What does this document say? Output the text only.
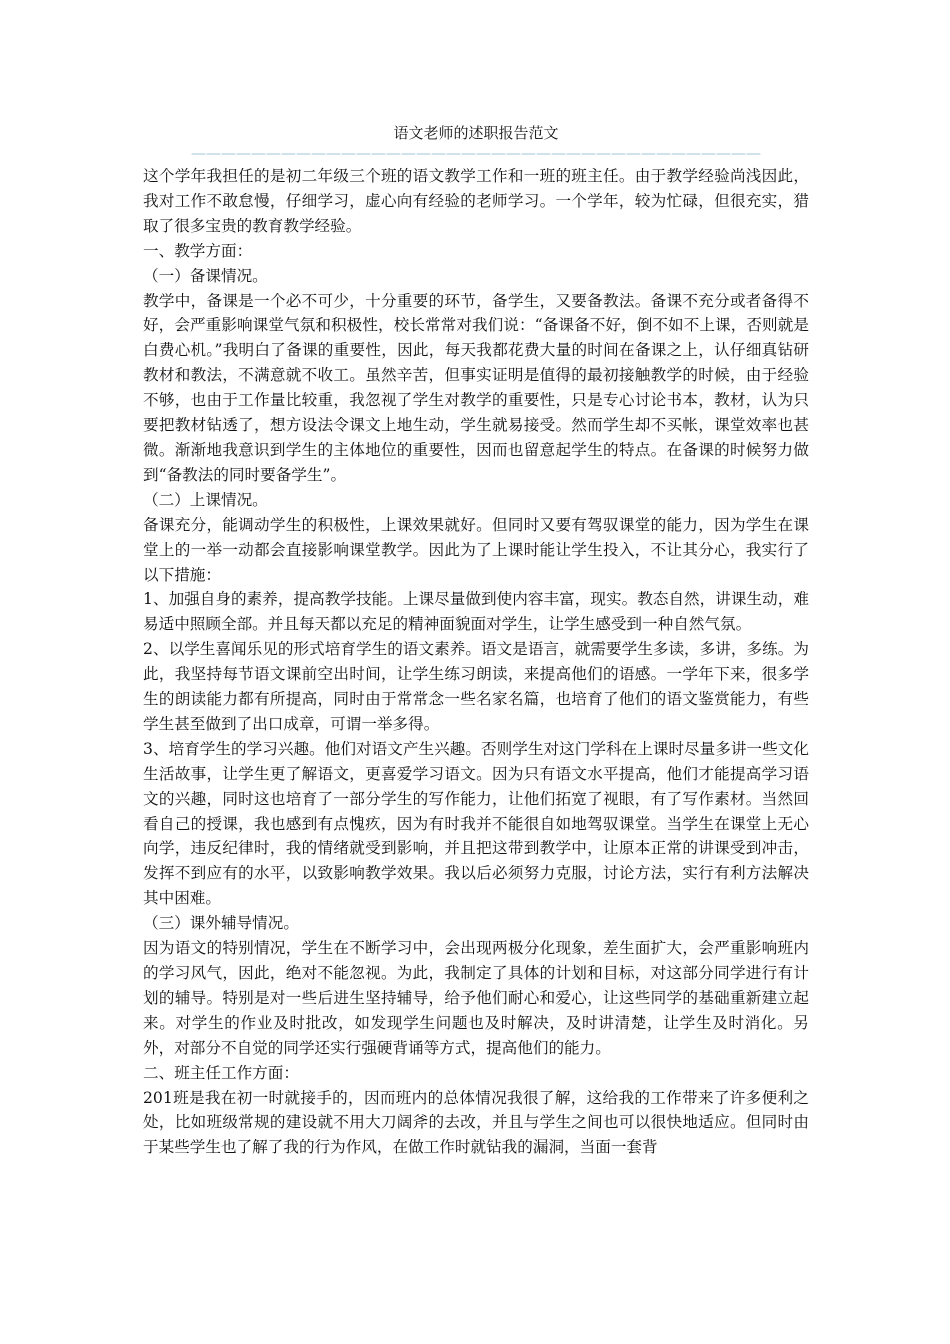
语文老师的述职报告范文
——————————————————————————————————————

这个学年我担任的是初二年级三个班的语文教学工作和一班的班主任。由于教学经验尚浅因此，我对工作不敢怠慢，仔细学习，虚心向有经验的老师学习。一个学年，较为忙碌，但很充实，猎取了很多宝贵的教育教学经验。

一、教学方面：

（一）备课情况。

教学中，备课是一个必不可少，十分重要的环节，备学生，又要备教法。备课不充分或者备得不好，会严重影响课堂气氛和积极性，校长常常对我们说：“备课备不好，倒不如不上课，否则就是白费心机。”我明白了备课的重要性，因此，每天我都花费大量的时间在备课之上，认仔细真钻研教材和教法，不满意就不收工。虽然辛苦，但事实证明是值得的最初接触教学的时候，由于经验不够，也由于工作量比较重，我忽视了学生对教学的重要性，只是专心讨论书本，教材，认为只要把教材钻透了，想方设法令课文上地生动，学生就易接受。然而学生却不买帐，课堂效率也甚微。渐渐地我意识到学生的主体地位的重要性，因而也留意起学生的特点。在备课的时候努力做到“备教法的同时要备学生”。

（二）上课情况。

备课充分，能调动学生的积极性，上课效果就好。但同时又要有驾驭课堂的能力，因为学生在课堂上的一举一动都会直接影响课堂教学。因此为了上课时能让学生投入，不让其分心，我实行了以下措施：

1、加强自身的素养，提高教学技能。上课尽量做到使内容丰富，现实。教态自然，讲课生动，难易适中照顾全部。并且每天都以充足的精神面貌面对学生，让学生感受到一种自然气氛。

2、以学生喜闻乐见的形式培育学生的语文素养。语文是语言，就需要学生多读，多讲，多练。为此，我坚持每节语文课前空出时间，让学生练习朗读，来提高他们的语感。一学年下来，很多学生的朗读能力都有所提高，同时由于常常念一些名家名篇，也培育了他们的语文鉴赏能力，有些学生甚至做到了出口成章，可谓一举多得。

3、培育学生的学习兴趣。他们对语文产生兴趣。否则学生对这门学科在上课时尽量多讲一些文化生活故事，让学生更了解语文，更喜爱学习语文。因为只有语文水平提高，他们才能提高学习语文的兴趣，同时这也培育了一部分学生的写作能力，让他们拓宽了视眼，有了写作素材。当然回看自己的授课，我也感到有点愧疚，因为有时我并不能很自如地驾驭课堂。当学生在课堂上无心向学，违反纪律时，我的情绪就受到影响，并且把这带到教学中，让原本正常的讲课受到冲击，发挥不到应有的水平，以致影响教学效果。我以后必须努力克服，讨论方法，实行有利方法解决其中困难。

（三）课外辅导情况。

因为语文的特别情况，学生在不断学习中，会出现两极分化现象，差生面扩大，会严重影响班内的学习风气，因此，绝对不能忽视。为此，我制定了具体的计划和目标，对这部分同学进行有计划的辅导。特别是对一些后进生坚持辅导，给予他们耐心和爱心，让这些同学的基础重新建立起来。对学生的作业及时批改，如发现学生问题也及时解决，及时讲清楚，让学生及时消化。另外，对部分不自觉的同学还实行强硬背诵等方式，提高他们的能力。

二、班主任工作方面：

201班是我在初一时就接手的，因而班内的总体情况我很了解，这给我的工作带来了许多便利之处，比如班级常规的建设就不用大刀阔斧的去改，并且与学生之间也可以很快地适应。但同时由于某些学生也了解了我的行为作风，在做工作时就钻我的漏洞，当面一套背
